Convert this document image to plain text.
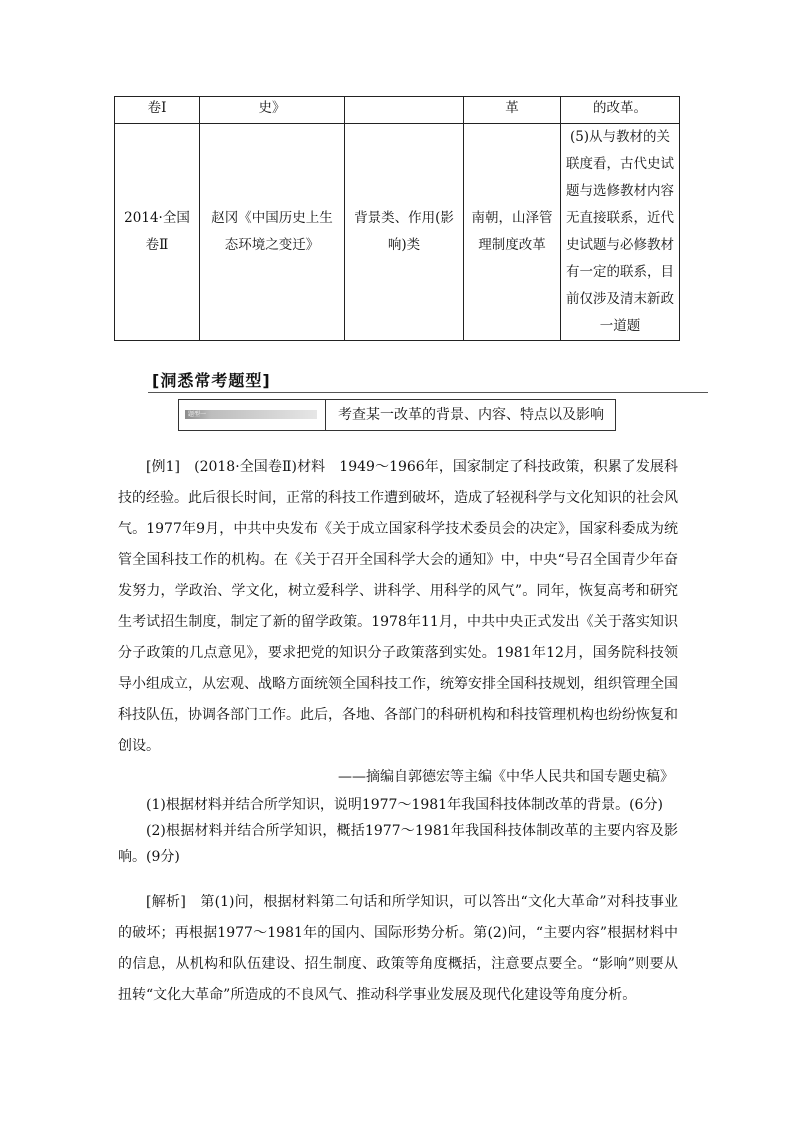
卷Ⅰ	史》		革	的改革。
2014·全国卷Ⅱ	赵冈《中国历史上生态环境之变迁》	背景类、作用(影响)类	南朝，山泽管理制度改革	(5)从与教材的关联度看，古代史试题与选修教材内容无直接联系，近代史试题与必修教材有一定的联系，目前仅涉及清末新政一道题
[洞悉常考题型]
题型一	考查某一改革的背景、内容、特点以及影响

[例1]　(2018·全国卷Ⅱ)材料　1949～1966年，国家制定了科技政策，积累了发展科技的经验。此后很长时间，正常的科技工作遭到破坏，造成了轻视科学与文化知识的社会风气。1977年9月，中共中央发布《关于成立国家科学技术委员会的决定》，国家科委成为统管全国科技工作的机构。在《关于召开全国科学大会的通知》中，中央“号召全国青少年奋发努力，学政治、学文化，树立爱科学、讲科学、用科学的风气”。同年，恢复高考和研究生考试招生制度，制定了新的留学政策。1978年11月，中共中央正式发出《关于落实知识分子政策的几点意见》，要求把党的知识分子政策落到实处。1981年12月，国务院科技领导小组成立，从宏观、战略方面统领全国科技工作，统筹安排全国科技规划，组织管理全国科技队伍，协调各部门工作。此后，各地、各部门的科研机构和科技管理机构也纷纷恢复和创设。

——摘编自郭德宏等主编《中华人民共和国专题史稿》

(1)根据材料并结合所学知识，说明1977～1981年我国科技体制改革的背景。(6分)

(2)根据材料并结合所学知识，概括1977～1981年我国科技体制改革的主要内容及影响。(9分)

[解析]　第(1)问，根据材料第二句话和所学知识，可以答出“文化大革命”对科技事业的破坏；再根据1977～1981年的国内、国际形势分析。第(2)问，“主要内容”根据材料中的信息，从机构和队伍建设、招生制度、政策等角度概括，注意要点要全。“影响”则要从扭转“文化大革命”所造成的不良风气、推动科学事业发展及现代化建设等角度分析。
